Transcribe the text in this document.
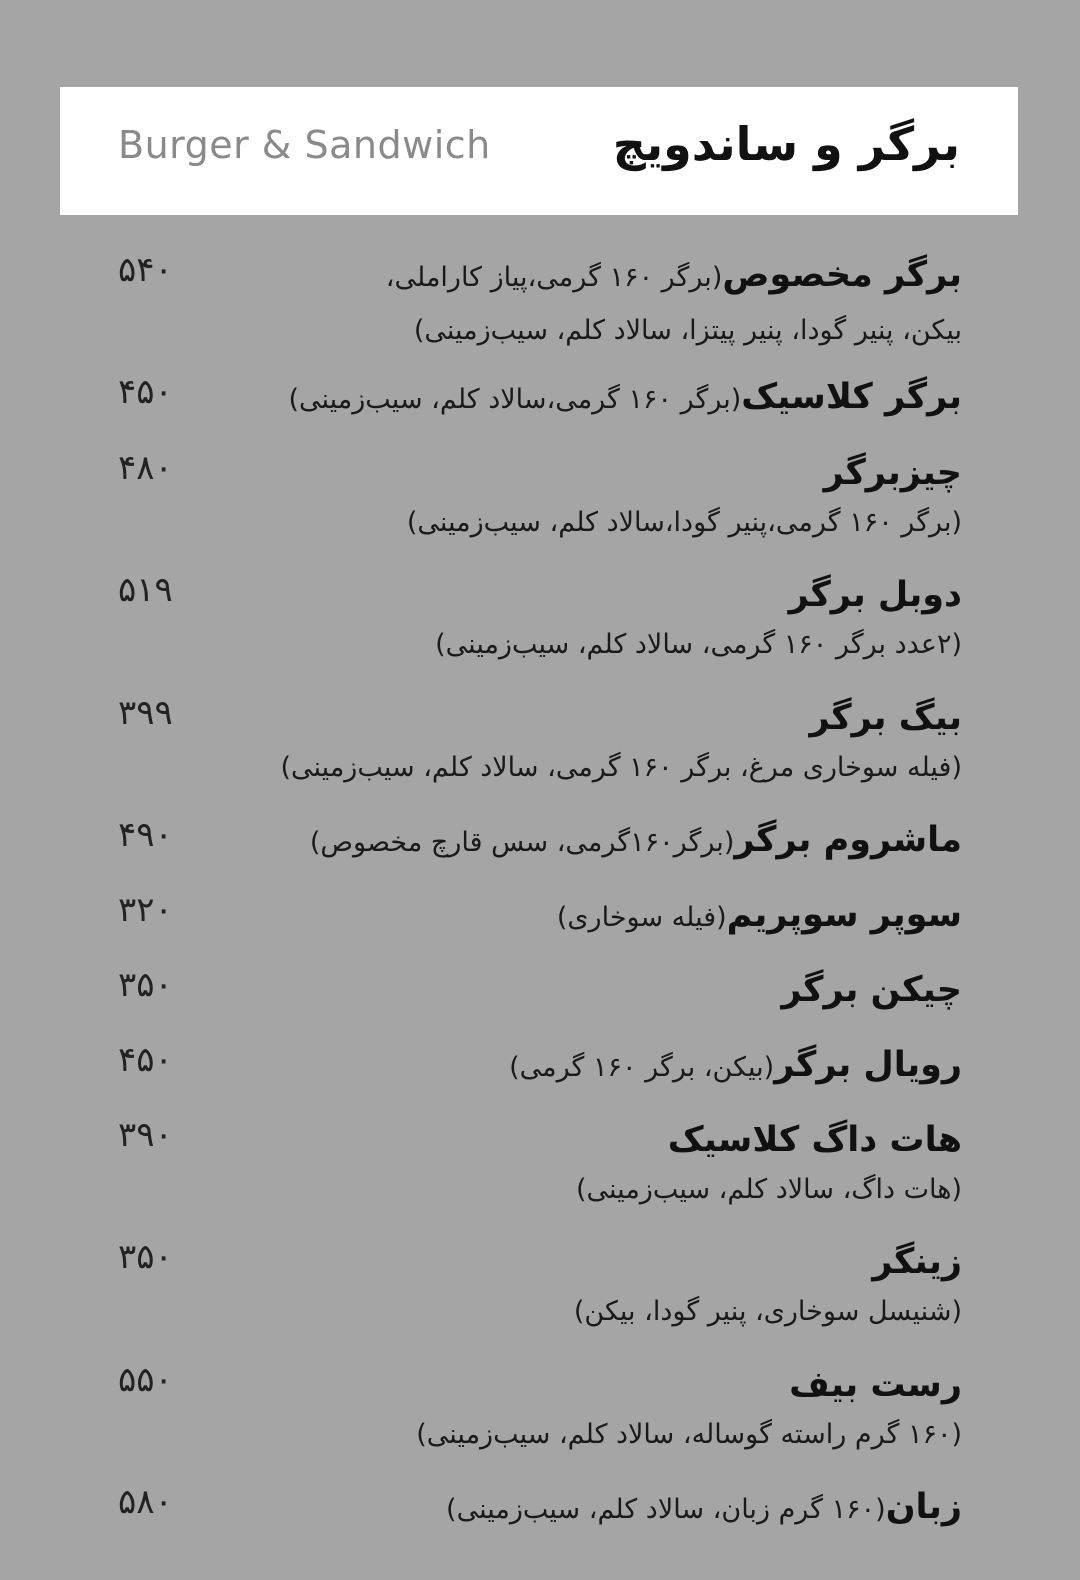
Burger & Sandwich	برگر و ساندویچ
۵۴۰	برگر مخصوص(برگر ۱۶۰ گرمی،پیاز کاراملی،
بیکن، پنیر گودا، پنیر پیتزا، سالاد کلم، سیب‌زمینی)
۴۵۰	برگر کلاسیک(برگر ۱۶۰ گرمی،سالاد کلم، سیب‌زمینی)
۴۸۰	چیزبرگر
(برگر ۱۶۰ گرمی،پنیر گودا،سالاد کلم، سیب‌زمینی)
۵۱۹	دوبل برگر
(۲عدد برگر ۱۶۰ گرمی، سالاد کلم، سیب‌زمینی)
۳۹۹	بیگ برگر
(فیله سوخاری مرغ، برگر ۱۶۰ گرمی، سالاد کلم، سیب‌زمینی)
۴۹۰	ماشروم برگر(برگر۱۶۰گرمی، سس قارچ مخصوص)
۳۲۰	سوپر سوپریم(فیله سوخاری)
۳۵۰	چیکن برگر
۴۵۰	رویال برگر(بیکن، برگر ۱۶۰ گرمی)
۳۹۰	هات داگ کلاسیک
(هات داگ، سالاد کلم، سیب‌زمینی)
۳۵۰	زینگر
(شنیسل سوخاری، پنیر گودا، بیکن)
۵۵۰	رست بیف
(۱۶۰ گرم راسته گوساله، سالاد کلم، سیب‌زمینی)
۵۸۰	زبان(۱۶۰ گرم زبان، سالاد کلم، سیب‌زمینی)
